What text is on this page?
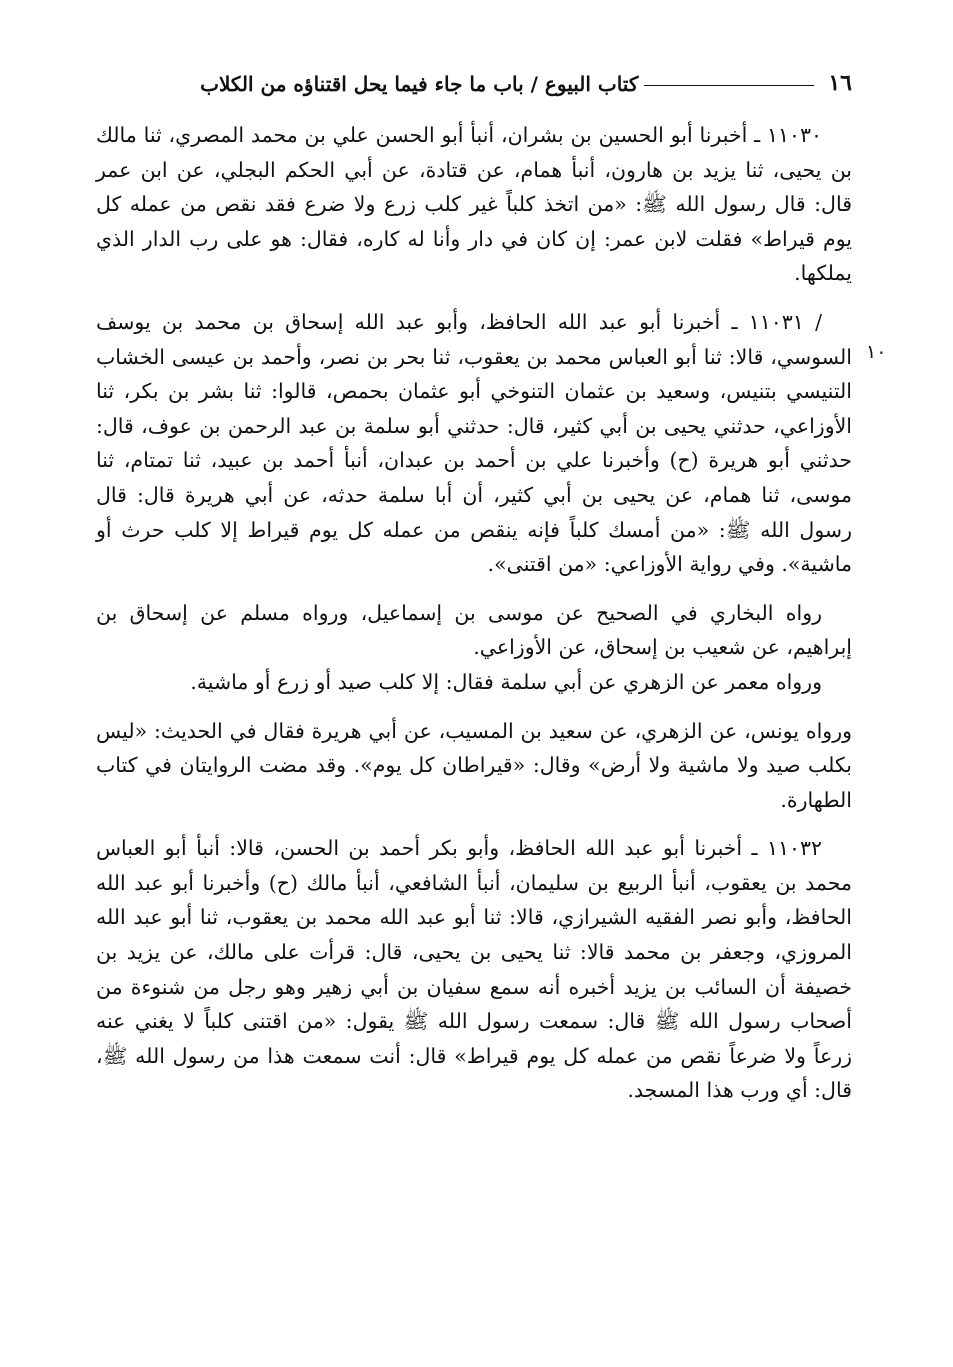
١٦
كتاب البيوع / باب ما جاء فيما يحل اقتناؤه من الكلاب
١٠

١١٠٣٠ ـ أخبرنا أبو الحسين بن بشران، أنبأ أبو الحسن علي بن محمد المصري، ثنا مالك بن يحيى، ثنا يزيد بن هارون، أنبأ همام، عن قتادة، عن أبي الحكم البجلي، عن ابن عمر قال: قال رسول الله ﷺ: «من اتخذ كلباً غير كلب زرع ولا ضرع فقد نقص من عمله كل يوم قيراط» فقلت لابن عمر: إن كان في دار وأنا له كاره، فقال: هو على رب الدار الذي يملكها.

/ ١١٠٣١ ـ أخبرنا أبو عبد الله الحافظ، وأبو عبد الله إسحاق بن محمد بن يوسف السوسي، قالا: ثنا أبو العباس محمد بن يعقوب، ثنا بحر بن نصر، وأحمد بن عيسى الخشاب التنيسي بتنيس، وسعيد بن عثمان التنوخي أبو عثمان بحمص، قالوا: ثنا بشر بن بكر، ثنا الأوزاعي، حدثني يحيى بن أبي كثير، قال: حدثني أبو سلمة بن عبد الرحمن بن عوف، قال: حدثني أبو هريرة (ح) وأخبرنا علي بن أحمد بن عبدان، أنبأ أحمد بن عبيد، ثنا تمتام، ثنا موسى، ثنا همام، عن يحيى بن أبي كثير، أن أبا سلمة حدثه، عن أبي هريرة قال: قال رسول الله ﷺ: «من أمسك كلباً فإنه ينقص من عمله كل يوم قيراط إلا كلب حرث أو ماشية». وفي رواية الأوزاعي: «من اقتنى».

رواه البخاري في الصحيح عن موسى بن إسماعيل، ورواه مسلم عن إسحاق بن إبراهيم، عن شعيب بن إسحاق، عن الأوزاعي.

ورواه معمر عن الزهري عن أبي سلمة فقال: إلا كلب صيد أو زرع أو ماشية.

ورواه يونس، عن الزهري، عن سعيد بن المسيب، عن أبي هريرة فقال في الحديث: «ليس بكلب صيد ولا ماشية ولا أرض» وقال: «قيراطان كل يوم». وقد مضت الروايتان في كتاب الطهارة.

١١٠٣٢ ـ أخبرنا أبو عبد الله الحافظ، وأبو بكر أحمد بن الحسن، قالا: أنبأ أبو العباس محمد بن يعقوب، أنبأ الربيع بن سليمان، أنبأ الشافعي، أنبأ مالك (ح) وأخبرنا أبو عبد الله الحافظ، وأبو نصر الفقيه الشيرازي، قالا: ثنا أبو عبد الله محمد بن يعقوب، ثنا أبو عبد الله المروزي، وجعفر بن محمد قالا: ثنا يحيى بن يحيى، قال: قرأت على مالك، عن يزيد بن خصيفة أن السائب بن يزيد أخبره أنه سمع سفيان بن أبي زهير وهو رجل من شنوءة من أصحاب رسول الله ﷺ قال: سمعت رسول الله ﷺ يقول: «من اقتنى كلباً لا يغني عنه زرعاً ولا ضرعاً نقص من عمله كل يوم قيراط» قال: أنت سمعت هذا من رسول الله ﷺ، قال: أي ورب هذا المسجد.
